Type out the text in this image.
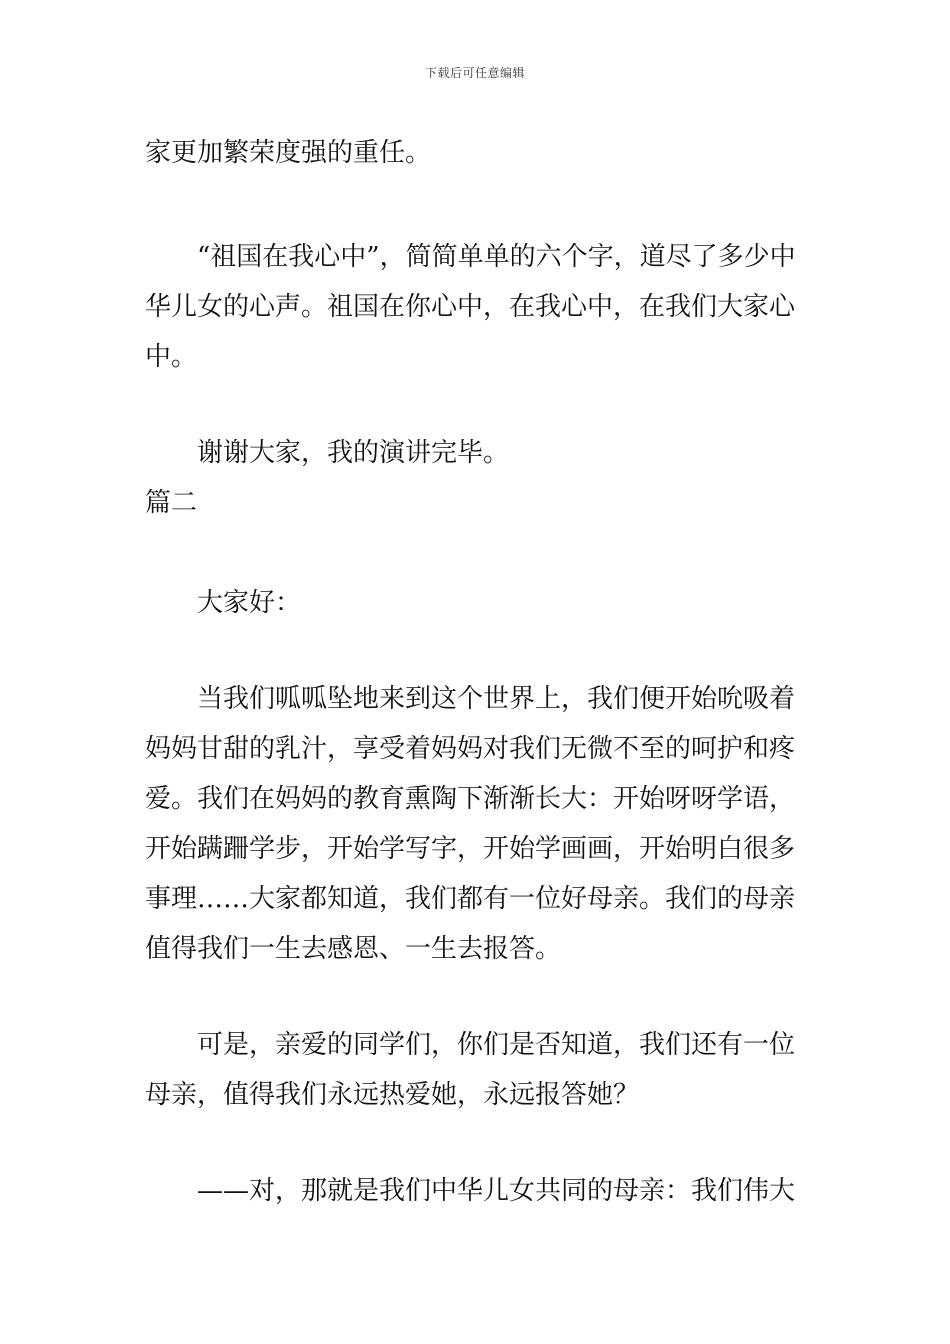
下载后可任意编辑

家更加繁荣度强的重任。

“祖国在我心中”，简简单单的六个字，道尽了多少中华儿女的心声。祖国在你心中，在我心中，在我们大家心中。

谢谢大家，我的演讲完毕。

篇二

大家好：

当我们呱呱坠地来到这个世界上，我们便开始吮吸着妈妈甘甜的乳汁，享受着妈妈对我们无微不至的呵护和疼爱。我们在妈妈的教育熏陶下渐渐长大：开始呀呀学语，开始蹒跚学步，开始学写字，开始学画画，开始明白很多事理……大家都知道，我们都有一位好母亲。我们的母亲值得我们一生去感恩、一生去报答。

可是，亲爱的同学们，你们是否知道，我们还有一位母亲，值得我们永远热爱她，永远报答她？

——对，那就是我们中华儿女共同的母亲：我们伟大
